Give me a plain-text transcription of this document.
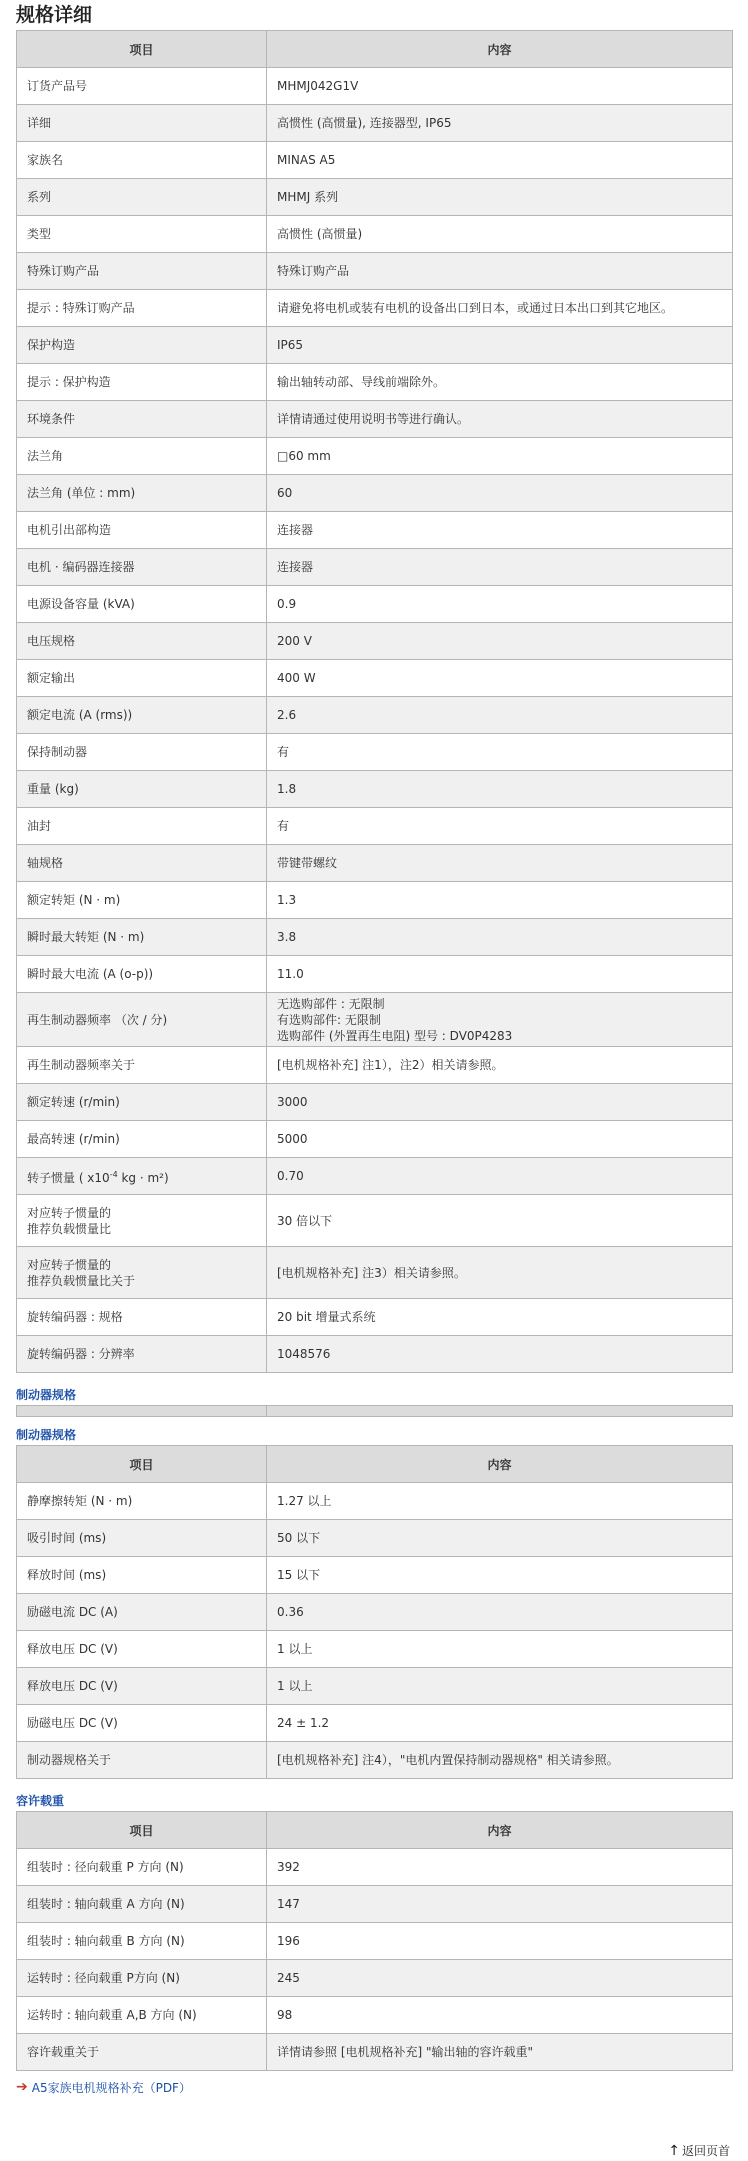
规格详细
项目	内容
订货产品号	MHMJ042G1V
详细	高惯性 (高惯量), 连接器型, IP65
家族名	MINAS A5
系列	MHMJ 系列
类型	高惯性 (高惯量)
特殊订购产品	特殊订购产品
提示 : 特殊订购产品	请避免将电机或装有电机的设备出口到日本，或通过日本出口到其它地区。
保护构造	IP65
提示 : 保护构造	输出轴转动部、导线前端除外。
环境条件	详情请通过使用说明书等进行确认。
法兰角	□60 mm
法兰角 (单位 : mm)	60
电机引出部构造	连接器
电机 · 编码器连接器	连接器
电源设备容量 (kVA)	0.9
电压规格	200 V
额定输出	400 W
额定电流 (A (rms))	2.6
保持制动器	有
重量 (kg)	1.8
油封	有
轴规格	带键带螺纹
额定转矩 (N · m)	1.3
瞬时最大转矩 (N · m)	3.8
瞬时最大电流 (A (o-p))	11.0
再生制动器频率 （次 / 分)	无选购部件 : 无限制
有选购部件: 无限制
选购部件 (外置再生电阻) 型号 : DV0P4283

再生制动器频率关于	[电机规格补充] 注1），注2）相关请参照。
额定转速 (r/min)	3000
最高转速 (r/min)	5000
转子惯量 ( $x10^{-4}$ kg · m²)	0.70

对应转子惯量的
推荐负载惯量比	30 倍以下

对应转子惯量的
推荐负载惯量比关于	[电机规格补充] 注3）相关请参照。
旋转编码器 : 规格	20 bit 增量式系统
旋转编码器 : 分辨率	1048576
制动器规格

制动器规格
项目	内容
静摩擦转矩 (N · m)	1.27 以上
吸引时间 (ms)	50 以下
释放时间 (ms)	15 以下
励磁电流 DC (A)	0.36
释放电压 DC (V)	1 以上
释放电压 DC (V)	1 以上
励磁电压 DC (V)	24 ± 1.2
制动器规格关于	[电机规格补充] 注4），"电机内置保持制动器规格" 相关请参照。
容许载重
项目	内容
组装时 : 径向载重 P 方向 (N)	392
组装时 : 轴向载重 A 方向 (N)	147
组装时 : 轴向载重 B 方向 (N)	196
运转时 : 径向载重 P方向 (N)	245
运转时 : 轴向载重 A,B 方向 (N)	98
容许载重关于	详情请参照 [电机规格补充] "输出轴的容许载重"
➔ A5家族电机规格补充（PDF）
↑ 返回页首
